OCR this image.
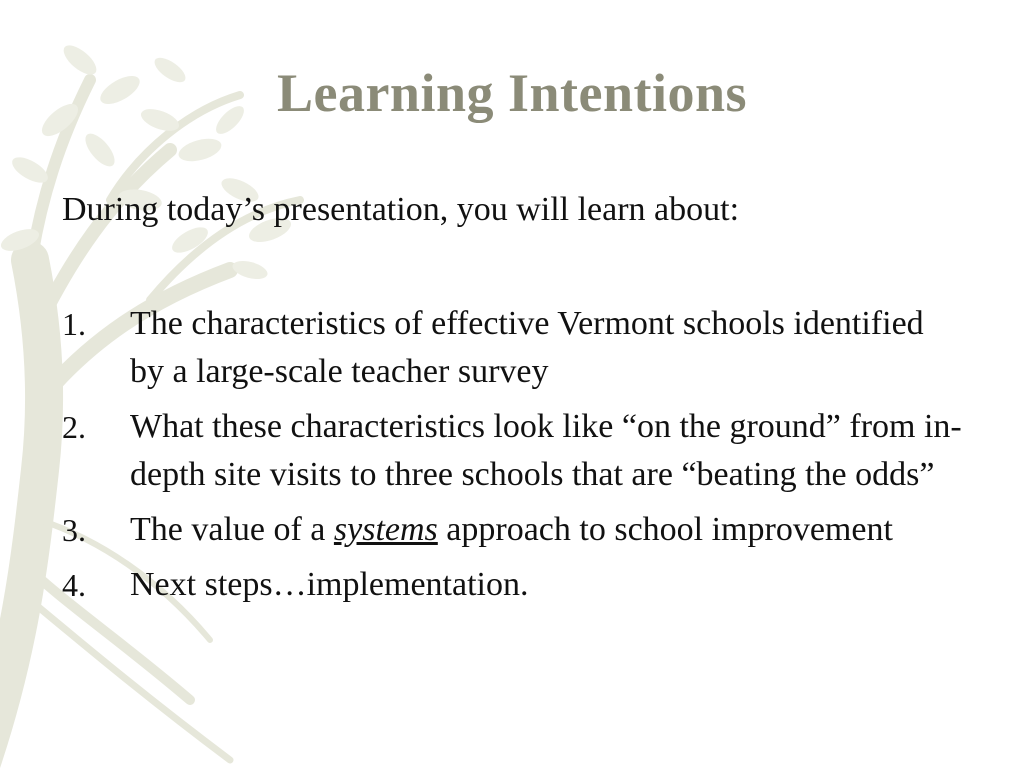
Learning Intentions
During today’s presentation, you will learn about:
1. The characteristics of effective Vermont schools identified by a large-scale teacher survey
2. What these characteristics look like “on the ground” from in-depth site visits to three schools that are “beating the odds”
3. The value of a systems approach to school improvement
4. Next steps…implementation.
